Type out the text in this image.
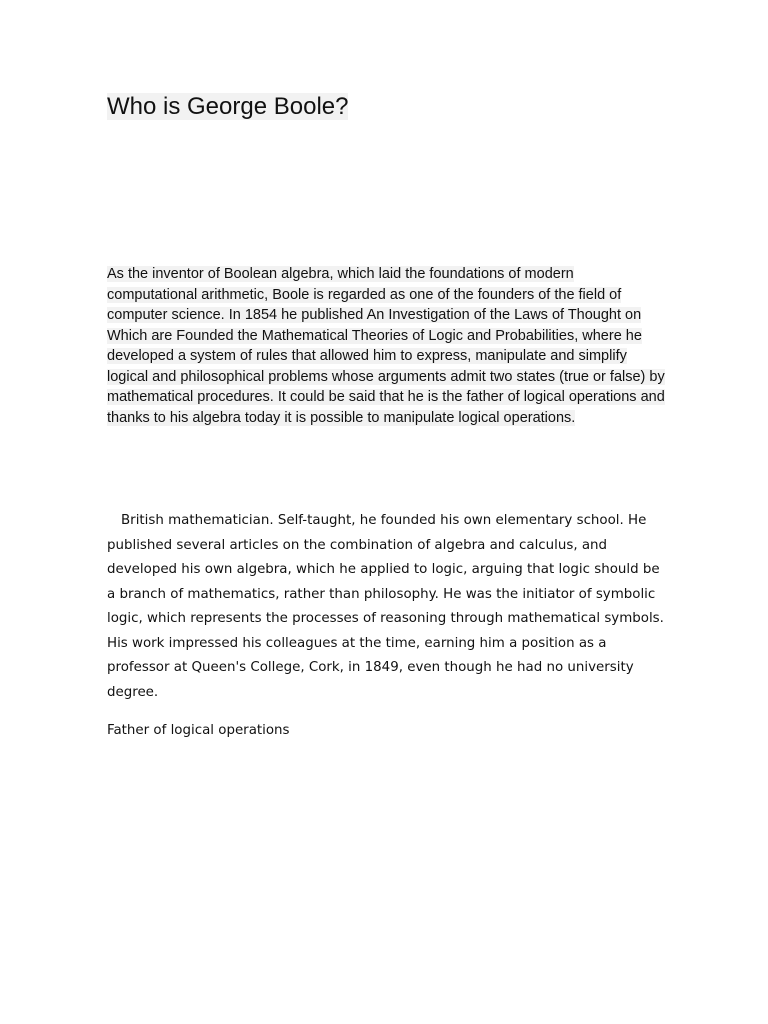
Who is George Boole?

As the inventor of Boolean algebra, which laid the foundations of modern computational arithmetic, Boole is regarded as one of the founders of the field of computer science. In 1854 he published An Investigation of the Laws of Thought on Which are Founded the Mathematical Theories of Logic and Probabilities, where he developed a system of rules that allowed him to express, manipulate and simplify logical and philosophical problems whose arguments admit two states (true or false) by mathematical procedures. It could be said that he is the father of logical operations and thanks to his algebra today it is possible to manipulate logical operations.

British mathematician. Self-taught, he founded his own elementary school. He published several articles on the combination of algebra and calculus, and developed his own algebra, which he applied to logic, arguing that logic should be a branch of mathematics, rather than philosophy. He was the initiator of symbolic logic, which represents the processes of reasoning through mathematical symbols. His work impressed his colleagues at the time, earning him a position as a professor at Queen's College, Cork, in 1849, even though he had no university degree.

Father of logical operations
